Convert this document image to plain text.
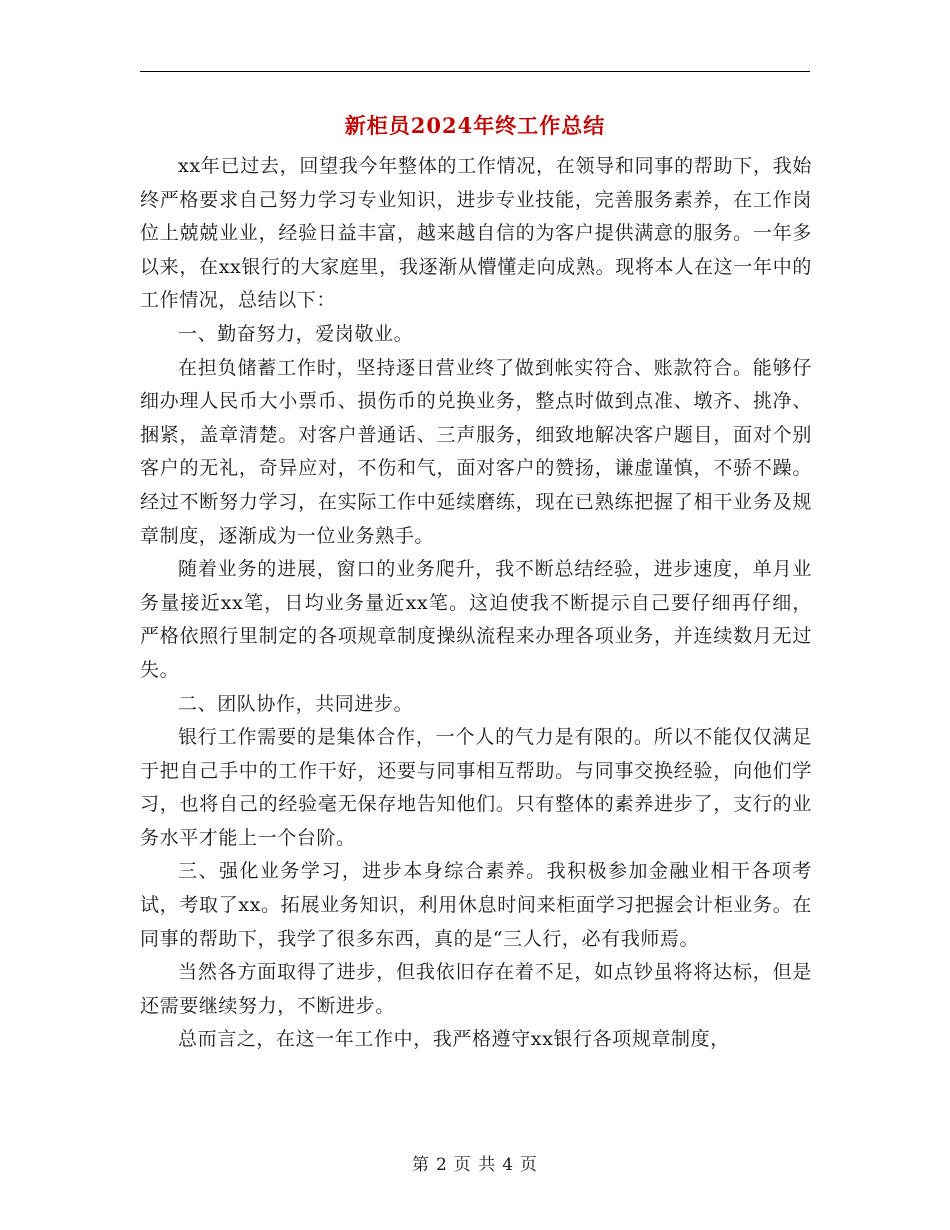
新柜员2024年终工作总结

xx年已过去，回望我今年整体的工作情况，在领导和同事的帮助下，我始终严格要求自己努力学习专业知识，进步专业技能，完善服务素养，在工作岗位上兢兢业业，经验日益丰富，越来越自信的为客户提供满意的服务。一年多以来，在xx银行的大家庭里，我逐渐从懵懂走向成熟。现将本人在这一年中的工作情况，总结以下：

一、勤奋努力，爱岗敬业。

在担负储蓄工作时，坚持逐日营业终了做到帐实符合、账款符合。能够仔细办理人民币大小票币、损伤币的兑换业务，整点时做到点准、墩齐、挑净、捆紧，盖章清楚。对客户普通话、三声服务，细致地解决客户题目，面对个别客户的无礼，奇异应对，不伤和气，面对客户的赞扬，谦虚谨慎，不骄不躁。经过不断努力学习，在实际工作中延续磨练，现在已熟练把握了相干业务及规章制度，逐渐成为一位业务熟手。

随着业务的进展，窗口的业务爬升，我不断总结经验，进步速度，单月业务量接近xx笔，日均业务量近xx笔。这迫使我不断提示自己要仔细再仔细，严格依照行里制定的各项规章制度操纵流程来办理各项业务，并连续数月无过失。

二、团队协作，共同进步。

银行工作需要的是集体合作，一个人的气力是有限的。所以不能仅仅满足于把自己手中的工作干好，还要与同事相互帮助。与同事交换经验，向他们学习，也将自己的经验毫无保存地告知他们。只有整体的素养进步了，支行的业务水平才能上一个台阶。

三、强化业务学习，进步本身综合素养。我积极参加金融业相干各项考试，考取了xx。拓展业务知识，利用休息时间来柜面学习把握会计柜业务。在同事的帮助下，我学了很多东西，真的是“三人行，必有我师焉。

当然各方面取得了进步，但我依旧存在着不足，如点钞虽将将达标，但是还需要继续努力，不断进步。

总而言之，在这一年工作中，我严格遵守xx银行各项规章制度，

第 2 页 共 4 页
